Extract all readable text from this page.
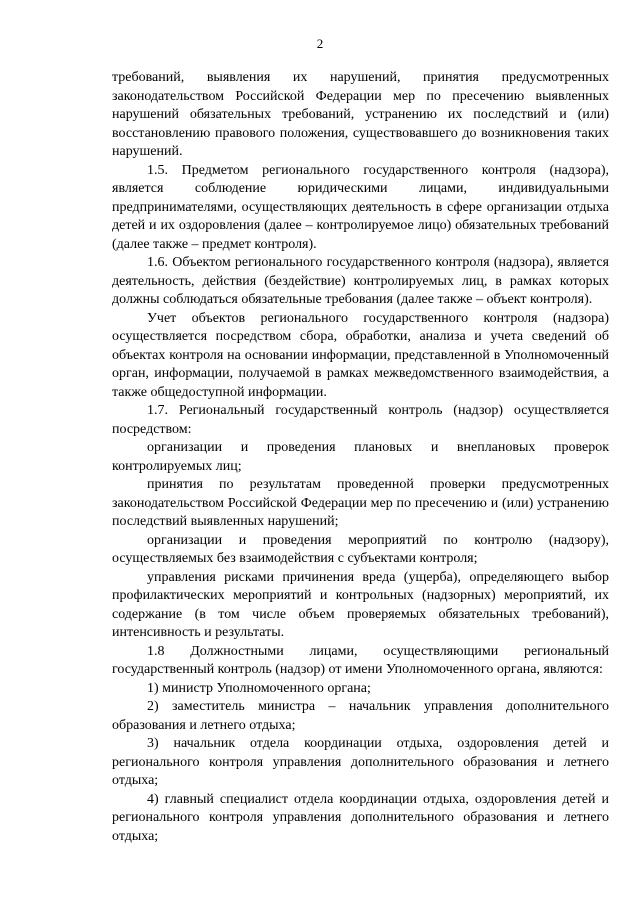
2

требований, выявления их нарушений, принятия предусмотренных законодательством Российской Федерации мер по пресечению выявленных нарушений обязательных требований, устранению их последствий и (или) восстановлению правового положения, существовавшего до возникновения таких нарушений.

1.5. Предметом регионального государственного контроля (надзора), является соблюдение юридическими лицами, индивидуальными предпринимателями, осуществляющих деятельность в сфере организации отдыха детей и их оздоровления (далее – контролируемое лицо) обязательных требований (далее также – предмет контроля).

1.6. Объектом регионального государственного контроля (надзора), является деятельность, действия (бездействие) контролируемых лиц, в рамках которых должны соблюдаться обязательные требования (далее также – объект контроля).

Учет объектов регионального государственного контроля (надзора) осуществляется посредством сбора, обработки, анализа и учета сведений об объектах контроля на основании информации, представленной в Уполномоченный орган, информации, получаемой в рамках межведомственного взаимодействия, а также общедоступной информации.

1.7. Региональный государственный контроль (надзор) осуществляется посредством:

организации и проведения плановых и внеплановых проверок контролируемых лиц;

принятия по результатам проведенной проверки предусмотренных законодательством Российской Федерации мер по пресечению и (или) устранению последствий выявленных нарушений;

организации и проведения мероприятий по контролю (надзору), осуществляемых без взаимодействия с субъектами контроля;

управления рисками причинения вреда (ущерба), определяющего выбор профилактических мероприятий и контрольных (надзорных) мероприятий, их содержание (в том числе объем проверяемых обязательных требований), интенсивность и результаты.

1.8 Должностными лицами, осуществляющими региональный государственный контроль (надзор) от имени Уполномоченного органа, являются:

1) министр Уполномоченного органа;

2) заместитель министра – начальник управления дополнительного образования и летнего отдыха;

3) начальник отдела координации отдыха, оздоровления детей и регионального контроля управления дополнительного образования и летнего отдыха;

4) главный специалист отдела координации отдыха, оздоровления детей и регионального контроля управления дополнительного образования и летнего отдыха;
